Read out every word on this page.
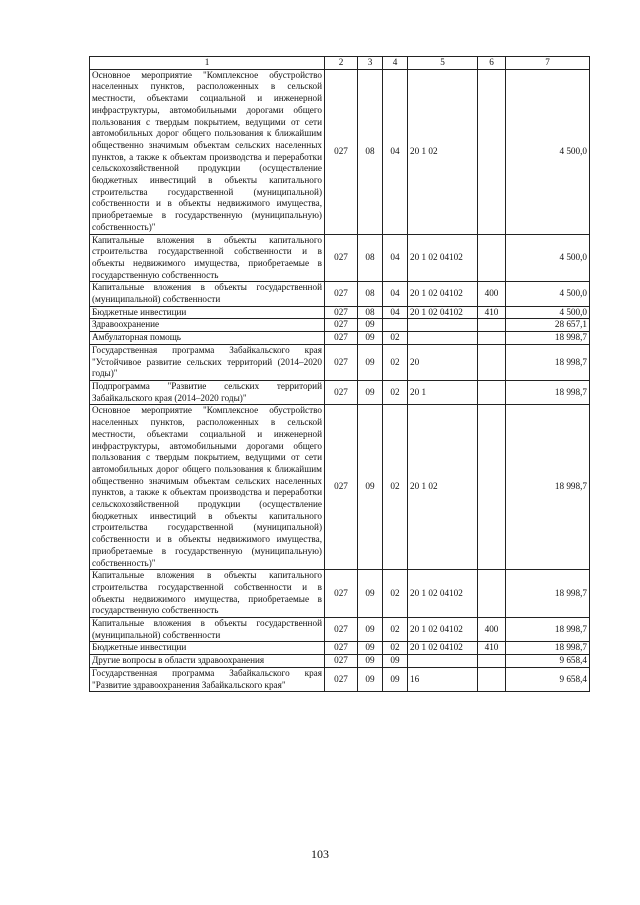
1	2	3	4	5	6	7
Основное мероприятие "Комплексное обустройство населенных пунктов, расположенных в сельской местности, объектами социальной и инженерной инфраструктуры, автомобильными дорогами общего пользования с твердым покрытием, ведущими от сети автомобильных дорог общего пользования к ближайшим общественно значимым объектам сельских населенных пунктов, а также к объектам производства и переработки сельскохозяйственной продукции (осуществление бюджетных инвестиций в объекты капитального строительства государственной (муниципальной) собственности и в объекты недвижимого имущества, приобретаемые в государственную (муниципальную) собственность)"	027	08	04	20 1 02		4 500,0
Капитальные вложения в объекты капитального строительства государственной собственности и в объекты недвижимого имущества, приобретаемые в государственную собственность	027	08	04	20 1 02 04102		4 500,0
Капитальные вложения в объекты государственной (муниципальной) собственности	027	08	04	20 1 02 04102	400	4 500,0
Бюджетные инвестиции	027	08	04	20 1 02 04102	410	4 500,0
Здравоохранение	027	09				28 657,1
Амбулаторная помощь	027	09	02			18 998,7
Государственная программа Забайкальского края "Устойчивое развитие сельских территорий (2014–2020 годы)"	027	09	02	20		18 998,7
Подпрограмма "Развитие сельских территорий Забайкальского края (2014–2020 годы)"	027	09	02	20 1		18 998,7
Основное мероприятие "Комплексное обустройство населенных пунктов, расположенных в сельской местности, объектами социальной и инженерной инфраструктуры, автомобильными дорогами общего пользования с твердым покрытием, ведущими от сети автомобильных дорог общего пользования к ближайшим общественно значимым объектам сельских населенных пунктов, а также к объектам производства и переработки сельскохозяйственной продукции (осуществление бюджетных инвестиций в объекты капитального строительства государственной (муниципальной) собственности и в объекты недвижимого имущества, приобретаемые в государственную (муниципальную) собственность)"	027	09	02	20 1 02		18 998,7
Капитальные вложения в объекты капитального строительства государственной собственности и в объекты недвижимого имущества, приобретаемые в государственную собственность	027	09	02	20 1 02 04102		18 998,7
Капитальные вложения в объекты государственной (муниципальной) собственности	027	09	02	20 1 02 04102	400	18 998,7
Бюджетные инвестиции	027	09	02	20 1 02 04102	410	18 998,7
Другие вопросы в области здравоохранения	027	09	09			9 658,4
Государственная программа Забайкальского края "Развитие здравоохранения Забайкальского края"	027	09	09	16		9 658,4
103
